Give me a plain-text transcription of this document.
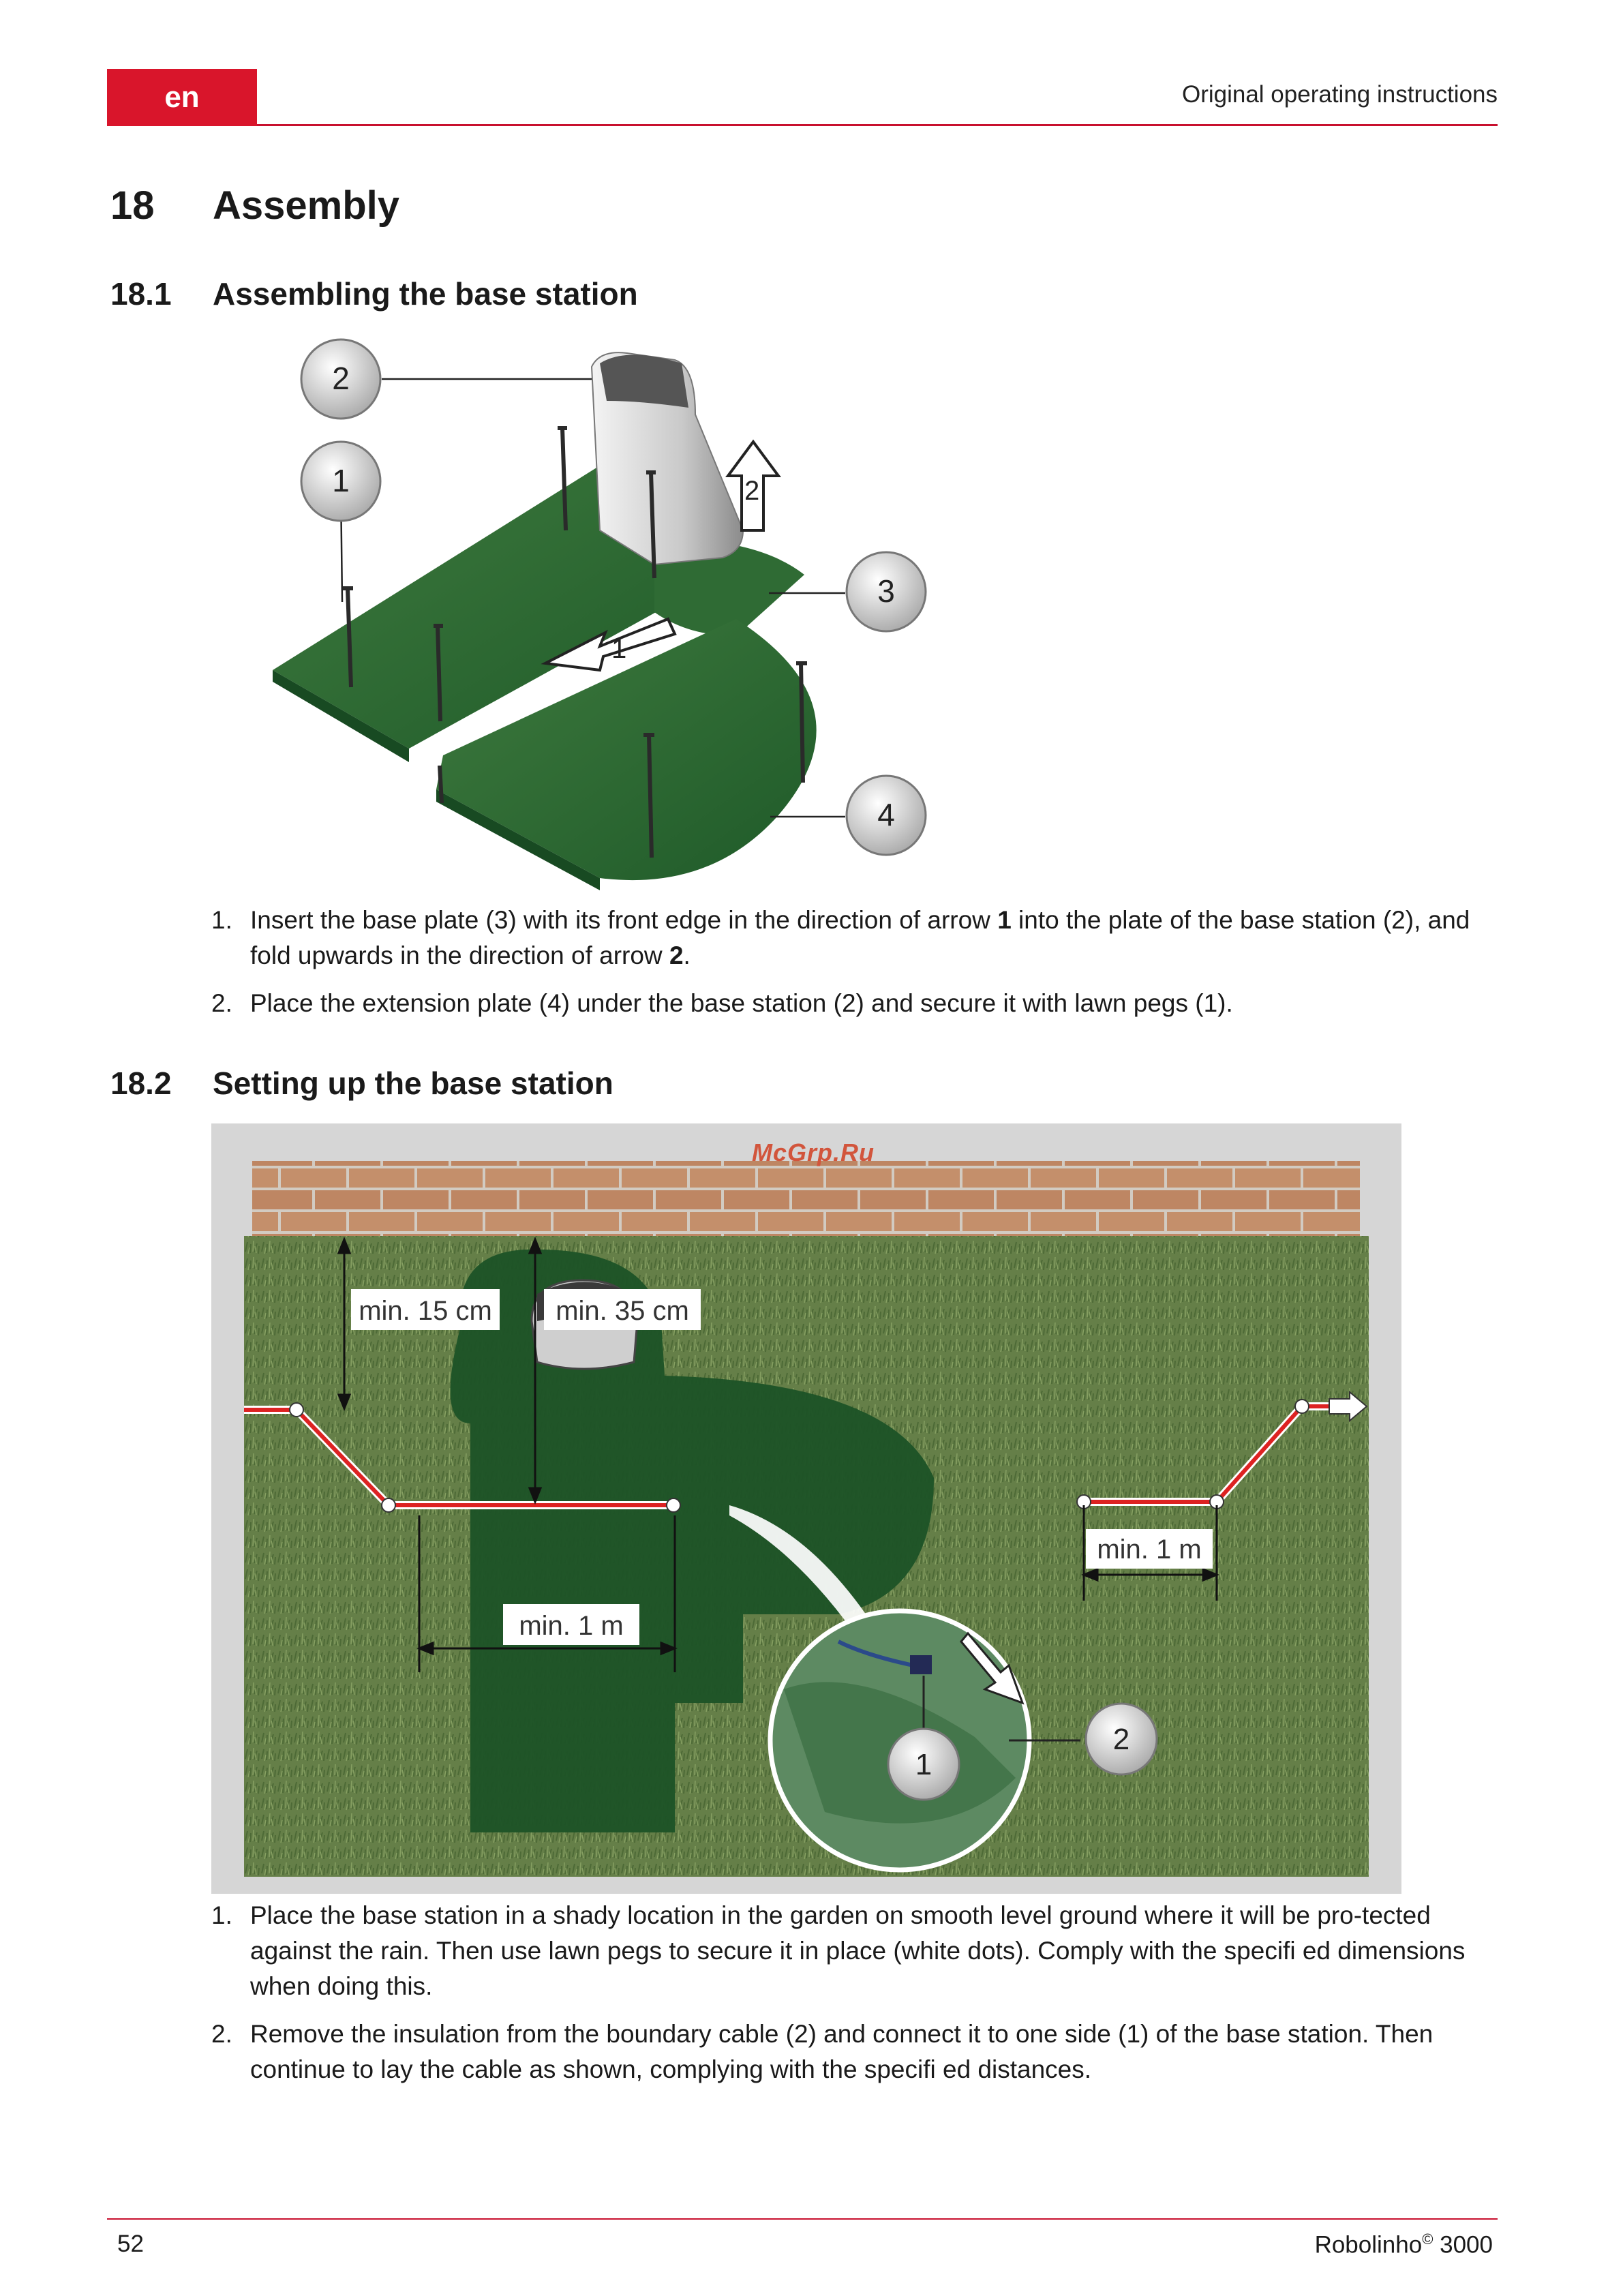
en	Original operating instructions
18 Assembly
18.1 Assembling the base station
2
1
2
1
3
4
1. Insert the base plate (3) with its front edge in the direction of arrow 1 into the plate of the base station (2), and fold upwards in the direction of arrow 2.
2. Place the extension plate (4) under the base station (2) and secure it with lawn pegs (1).
18.2 Setting up the base station
min. 15 cm min. 35 cm
min. 1 m
min. 1 m
1
2
McGrp.Ru
1. Place the base station in a shady location in the garden on smooth level ground where it will be pro-tected against the rain. Then use lawn pegs to secure it in place (white dots). Comply with the specifi ed dimensions when doing this.
2. Remove the insulation from the boundary cable (2) and connect it to one side (1) of the base station. Then continue to lay the cable as shown, complying with the specifi ed distances.
52	Robolinho© 3000
